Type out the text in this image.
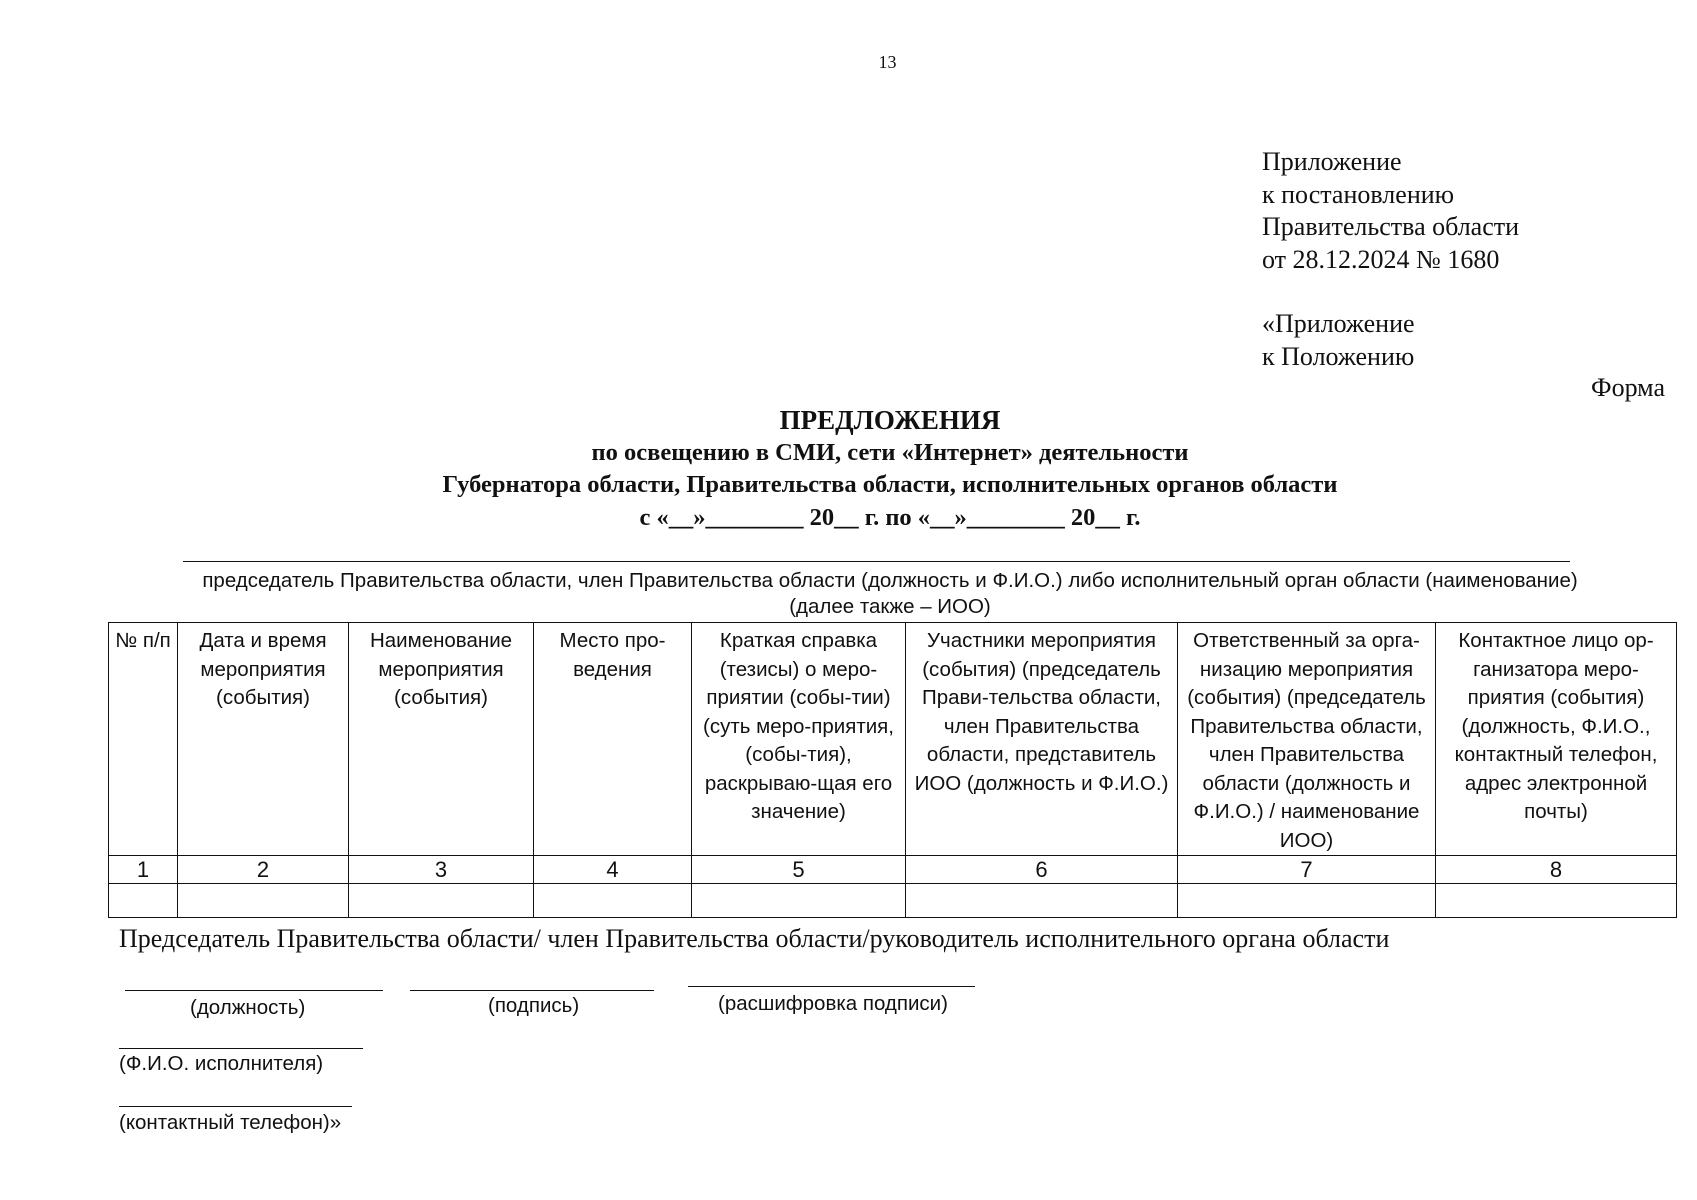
13
Приложение
к постановлению
Правительства области
от 28.12.2024 № 1680
«Приложение
к Положению
Форма
ПРЕДЛОЖЕНИЯ
по освещению в СМИ, сети «Интернет» деятельности
Губернатора области, Правительства области, исполнительных органов области
с «__»________ 20__ г. по «__»________ 20__ г.
председатель Правительства области, член Правительства области (должность и Ф.И.О.) либо исполнительный орган области (наименование)
(далее также – ИОО)
№ п/п	Дата и время мероприятия (события)	Наименование мероприятия (события)	Место про-ведения	Краткая справка (тезисы) о меро-приятии (собы-тии) (суть меро-приятия, (собы-тия), раскрываю-щая его значение)	Участники мероприятия (события) (председатель Прави-тельства области, член Правительства области, представитель ИОО (должность и Ф.И.О.)	Ответственный за орга-низацию мероприятия (события) (председатель Правительства области, член Правительства области (должность и Ф.И.О.) / наименование ИОО)	Контактное лицо ор-ганизатора меро-приятия (события) (должность, Ф.И.О., контактный телефон, адрес электронной почты)
1	2	3	4	5	6	7	8

Председатель Правительства области/ член Правительства области/руководитель исполнительного органа области
(должность)	(подпись)	(расшифровка подписи)
(Ф.И.О. исполнителя)
(контактный телефон)»
